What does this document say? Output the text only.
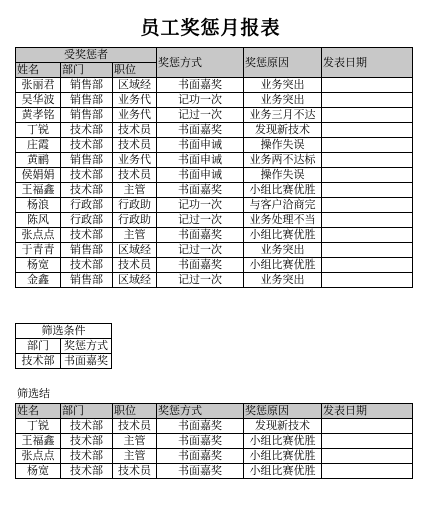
员工奖惩月报表
受奖惩者			奖惩方式	奖惩原因	发表日期
姓名	部门	职位			
张丽君	销售部	区域经	书面嘉奖	业务突出	
吴华波	销售部	业务代	记功一次	业务突出	
黄孝铭	销售部	业务代	记过一次	业务三月不达	
丁锐	技术部	技术员	书面嘉奖	发现新技术	
庄霞	技术部	技术员	书面申诫	操作失误	
黄鹂	销售部	业务代	书面申诫	业务两不达标	
侯娟娟	技术部	技术员	书面申诫	操作失误	
王福鑫	技术部	主管	书面嘉奖	小组比赛优胜	
杨浪	行政部	行政助	记功一次	与客户洽商完	
陈风	行政部	行政助	记过一次	业务处理不当	
张点点	技术部	主管	书面嘉奖	小组比赛优胜	
于青青	销售部	区域经	记过一次	业务突出	
杨宽	技术部	技术员	书面嘉奖	小组比赛优胜	
金鑫	销售部	区域经	记过一次	业务突出	
筛选条件	
部门	奖惩方式
技术部	书面嘉奖
筛选结
姓名	部门	职位	奖惩方式	奖惩原因	发表日期
丁锐	技术部	技术员	书面嘉奖	发现新技术	
王福鑫	技术部	主管	书面嘉奖	小组比赛优胜	
张点点	技术部	主管	书面嘉奖	小组比赛优胜	
杨宽	技术部	技术员	书面嘉奖	小组比赛优胜	
